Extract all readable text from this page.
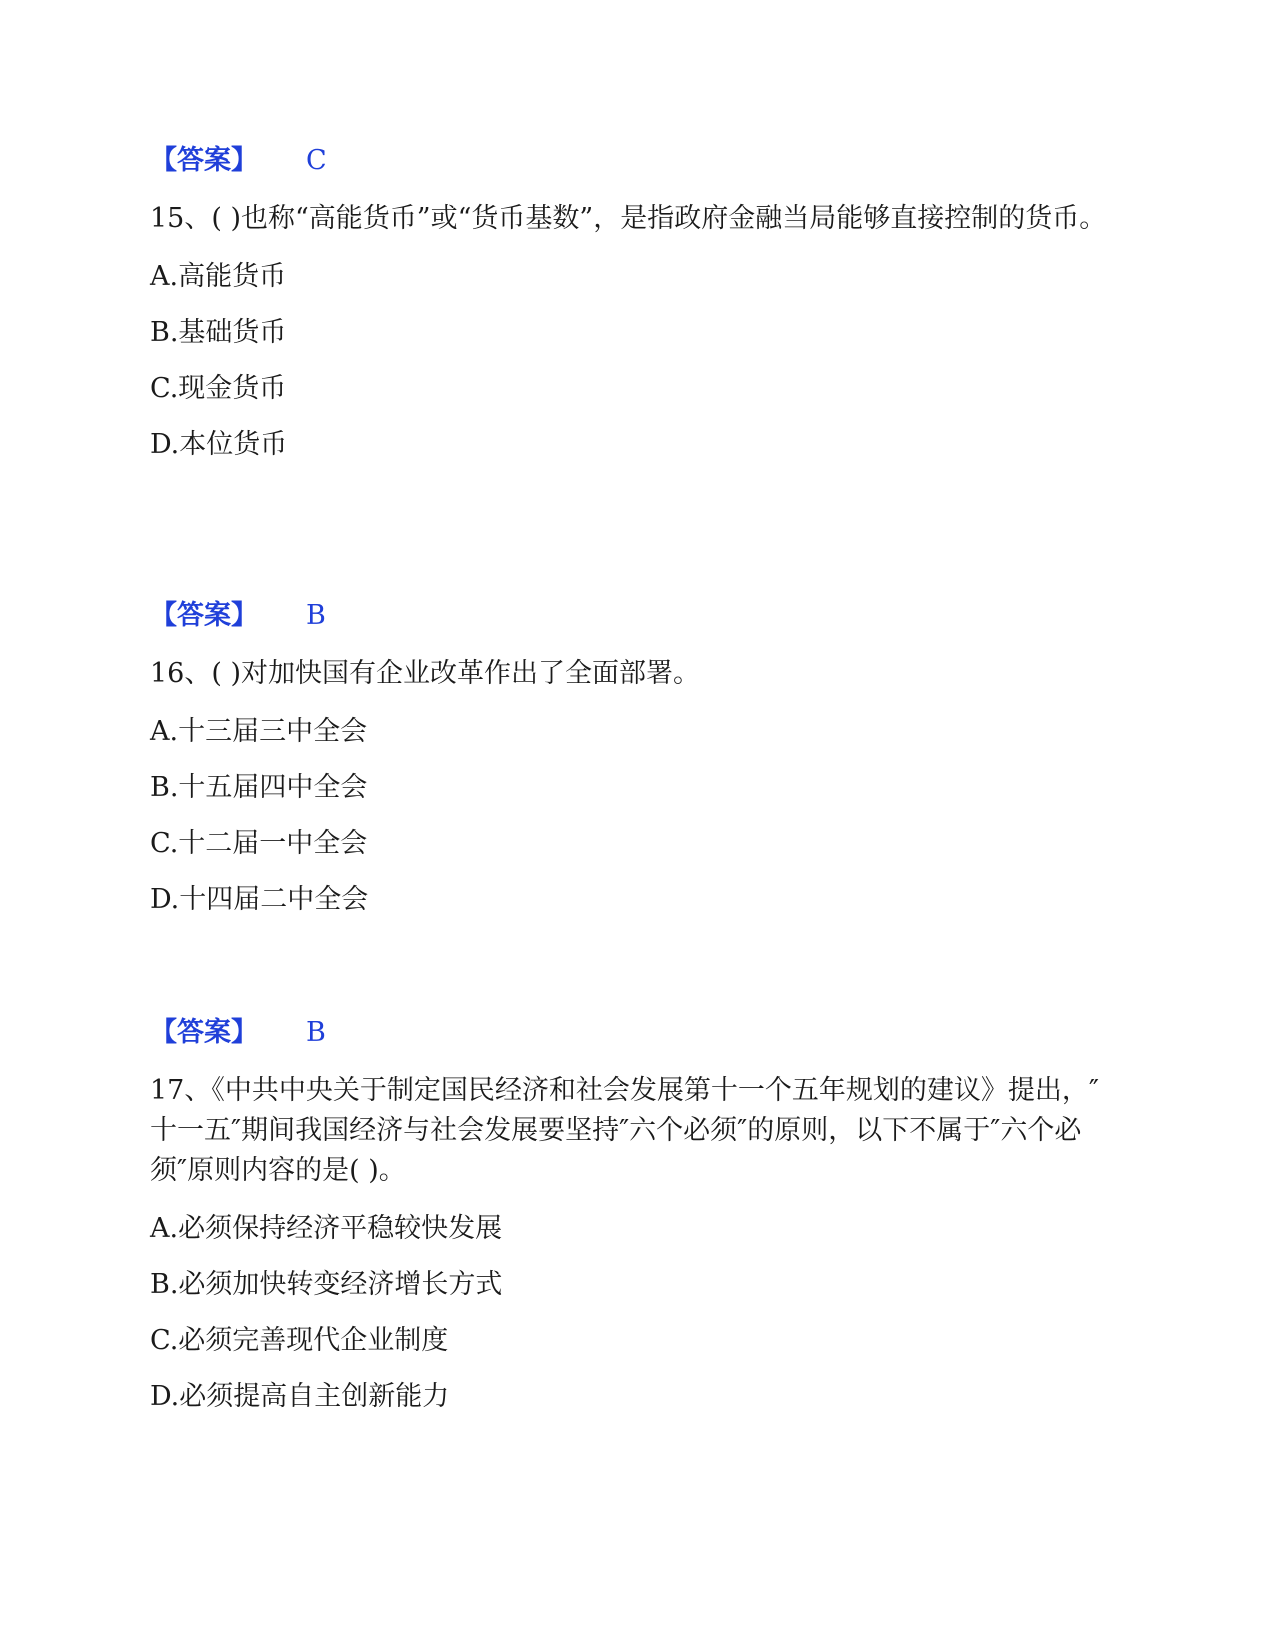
【答案】 C
15、( )也称“高能货币”或“货币基数”，是指政府金融当局能够直接控制的货币。
A.高能货币
B.基础货币
C.现金货币
D.本位货币
【答案】 B
16、( )对加快国有企业改革作出了全面部署。
A.十三届三中全会
B.十五届四中全会
C.十二届一中全会
D.十四届二中全会
【答案】 B
17、《中共中央关于制定国民经济和社会发展第十一个五年规划的建议》提出，″十一五″期间我国经济与社会发展要坚持″六个必须″的原则，以下不属于″六个必须″原则内容的是( )。
A.必须保持经济平稳较快发展
B.必须加快转变经济增长方式
C.必须完善现代企业制度
D.必须提高自主创新能力
